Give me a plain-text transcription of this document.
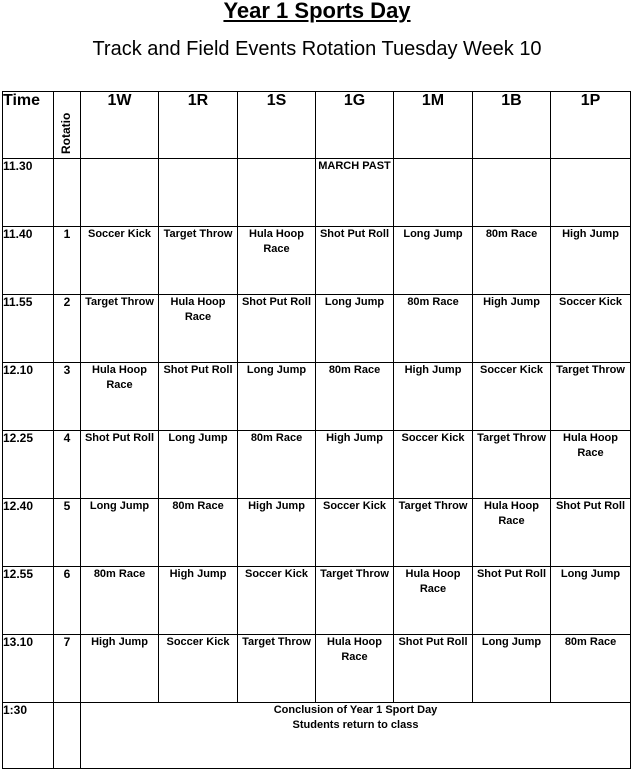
Year 1 Sports Day
Track and Field Events Rotation Tuesday Week 10
Time	Rotatio	1W	1R	1S	1G	1M	1B	1P
11.30					MARCH PAST			
11.40	1	Soccer Kick	Target Throw	Hula Hoop Race	Shot Put Roll	Long Jump	80m Race	High Jump
11.55	2	Target Throw	Hula Hoop Race	Shot Put Roll	Long Jump	80m Race	High Jump	Soccer Kick
12.10	3	Hula Hoop Race	Shot Put Roll	Long Jump	80m Race	High Jump	Soccer Kick	Target Throw
12.25	4	Shot Put Roll	Long Jump	80m Race	High Jump	Soccer Kick	Target Throw	Hula Hoop Race
12.40	5	Long Jump	80m Race	High Jump	Soccer Kick	Target Throw	Hula Hoop Race	Shot Put Roll
12.55	6	80m Race	High Jump	Soccer Kick	Target Throw	Hula Hoop Race	Shot Put Roll	Long Jump
13.10	7	High Jump	Soccer Kick	Target Throw	Hula Hoop Race	Shot Put Roll	Long Jump	80m Race
1:30		Conclusion of Year 1 Sport Day
Students return to class						
